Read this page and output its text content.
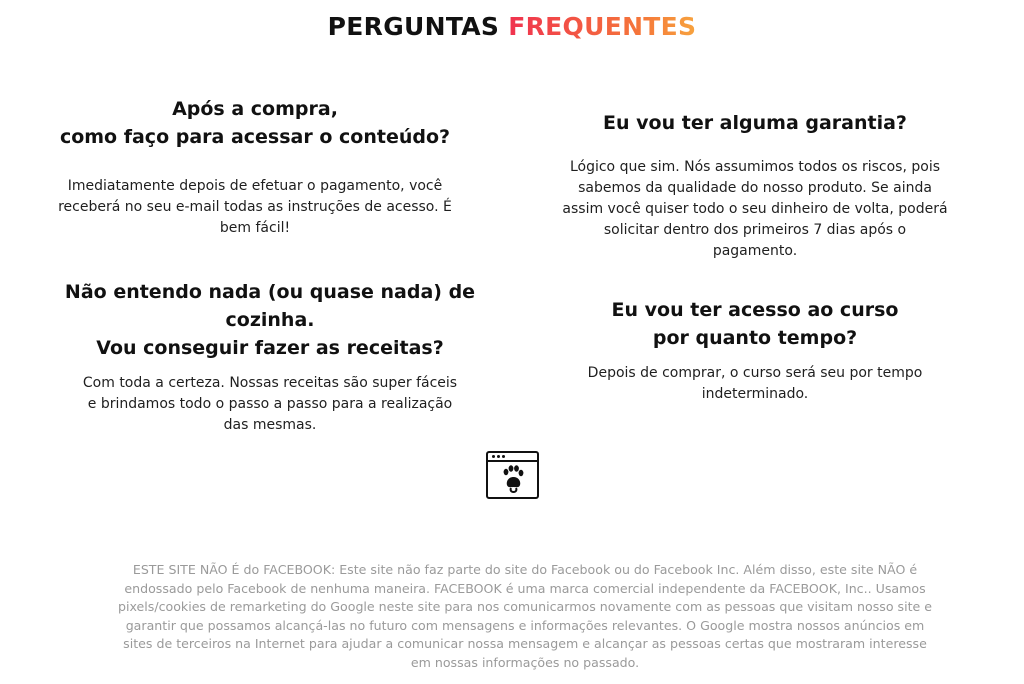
PERGUNTAS FREQUENTES
Após a compra,
como faço para acessar o conteúdo?
Imediatamente depois de efetuar o pagamento, você receberá no seu e-mail todas as instruções de acesso. É bem fácil!
Não entendo nada (ou quase nada) de cozinha.
Vou conseguir fazer as receitas?
Com toda a certeza. Nossas receitas são super fáceis e brindamos todo o passo a passo para a realização das mesmas.
Eu vou ter alguma garantia?
Lógico que sim. Nós assumimos todos os riscos, pois sabemos da qualidade do nosso produto. Se ainda assim você quiser todo o seu dinheiro de volta, poderá solicitar dentro dos primeiros 7 dias após o pagamento.
Eu vou ter acesso ao curso
por quanto tempo?
Depois de comprar, o curso será seu por tempo indeterminado.

ESTE SITE NÃO É do FACEBOOK: Este site não faz parte do site do Facebook ou do Facebook Inc. Além disso, este site NÃO é endossado pelo Facebook de nenhuma maneira. FACEBOOK é uma marca comercial independente da FACEBOOK, Inc.. Usamos pixels/cookies de remarketing do Google neste site para nos comunicarmos novamente com as pessoas que visitam nosso site e garantir que possamos alcançá-las no futuro com mensagens e informações relevantes. O Google mostra nossos anúncios em sites de terceiros na Internet para ajudar a comunicar nossa mensagem e alcançar as pessoas certas que mostraram interesse em nossas informações no passado.
